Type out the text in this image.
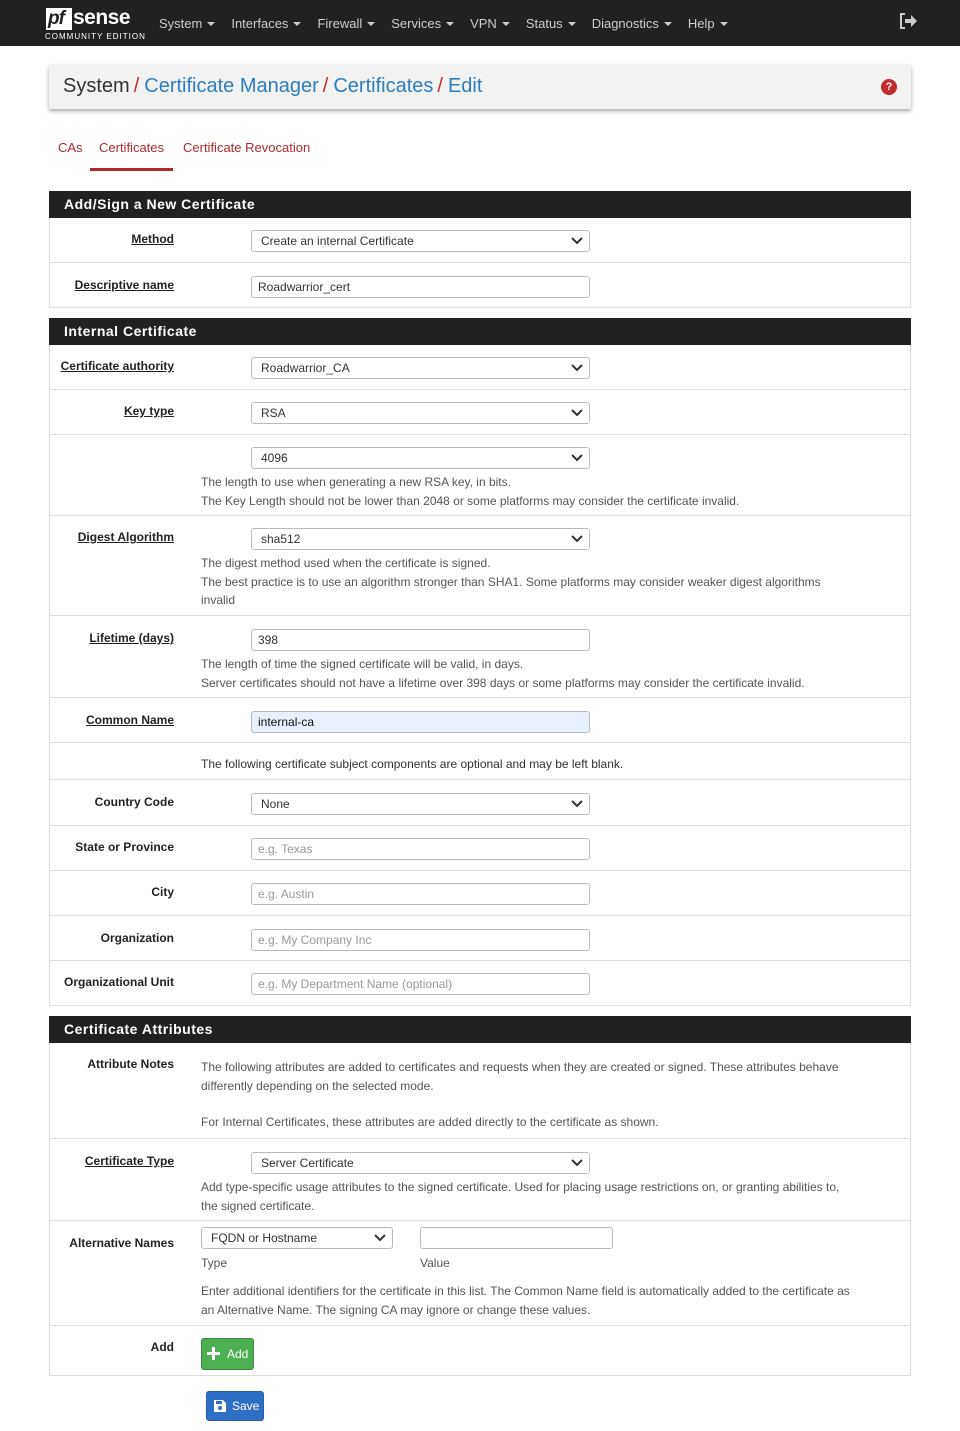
pf sense
COMMUNITY EDITION
System	Interfaces	Firewall	Services	VPN	Status	Diagnostics	Help
System / Certificate Manager / Certificates / Edit	?
CAs Certificates Certificate Revocation
Add/Sign a New Certificate
Method	Create an internal Certificate
Descriptive name	Roadwarrior_cert
Internal Certificate
Certificate authority	Roadwarrior_CA
Key type	RSA
4096
The length to use when generating a new RSA key, in bits.
The Key Length should not be lower than 2048 or some platforms may consider the certificate invalid.
Digest Algorithm	sha512
The digest method used when the certificate is signed.
The best practice is to use an algorithm stronger than SHA1. Some platforms may consider weaker digest algorithms
invalid
Lifetime (days)	398
The length of time the signed certificate will be valid, in days.
Server certificates should not have a lifetime over 398 days or some platforms may consider the certificate invalid.
Common Name	internal-ca
The following certificate subject components are optional and may be left blank.
Country Code	None
State or Province	e.g. Texas
City	e.g. Austin
Organization	e.g. My Company Inc
Organizational Unit	e.g. My Department Name (optional)
Certificate Attributes
Attribute Notes The following attributes are added to certificates and requests when they are created or signed. These attributes behave
differently depending on the selected mode.
For Internal Certificates, these attributes are added directly to the certificate as shown.
Certificate Type	Server Certificate
Add type-specific usage attributes to the signed certificate. Used for placing usage restrictions on, or granting abilities to,
the signed certificate.
Alternative Names	FQDN or Hostname
Type	Value
Enter additional identifiers for the certificate in this list. The Common Name field is automatically added to the certificate as
an Alternative Name. The signing CA may ignore or change these values.
Add	Add
Save
